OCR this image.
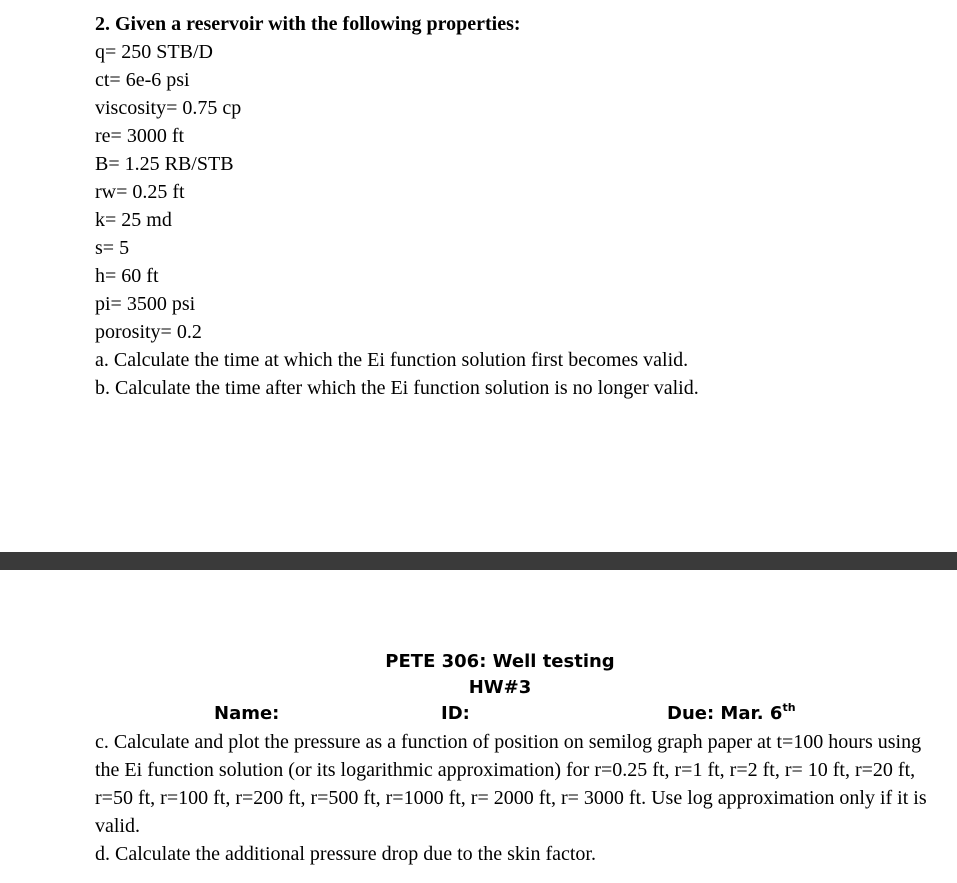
2. Given a reservoir with the following properties:

q= 250 STB/D
ct= 6e-6 psi
viscosity= 0.75 cp
re= 3000 ft
B= 1.25 RB/STB
rw= 0.25 ft
k= 25 md
s= 5
h= 60 ft
pi= 3500 psi
porosity= 0.2

a. Calculate the time at which the Ei function solution first becomes valid.

b. Calculate the time after which the Ei function solution is no longer valid.

PETE 306: Well testing
HW#3
Name:	ID:	Due: Mar. 6th

c. Calculate and plot the pressure as a function of position on semilog graph paper at t=100 hours using the Ei function solution (or its logarithmic approximation) for r=0.25 ft, r=1 ft, r=2 ft, r= 10 ft, r=20 ft, r=50 ft, r=100 ft, r=200 ft, r=500 ft, r=1000 ft, r= 2000 ft, r= 3000 ft. Use log approximation only if it is valid.

d. Calculate the additional pressure drop due to the skin factor.
